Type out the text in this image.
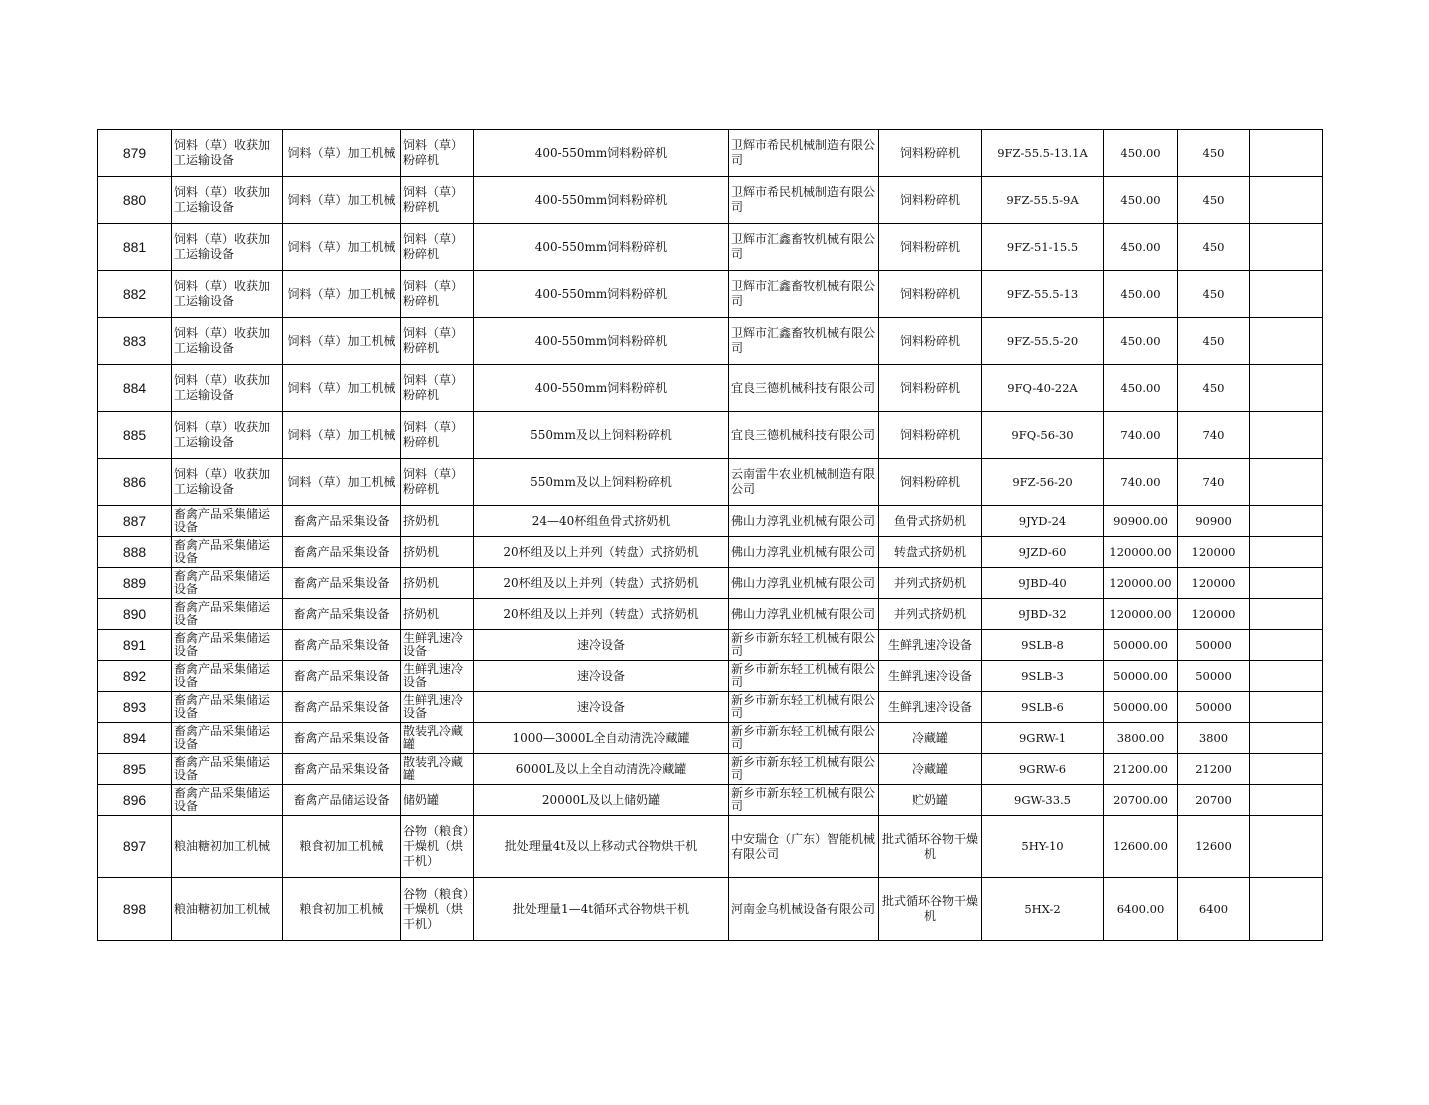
879	饲料（草）收获加工运输设备	饲料（草）加工机械	饲料（草）粉碎机	400-550mm饲料粉碎机	卫辉市希民机械制造有限公司	饲料粉碎机	9FZ-55.5-13.1A	450.00	450	
880	饲料（草）收获加工运输设备	饲料（草）加工机械	饲料（草）粉碎机	400-550mm饲料粉碎机	卫辉市希民机械制造有限公司	饲料粉碎机	9FZ-55.5-9A	450.00	450	
881	饲料（草）收获加工运输设备	饲料（草）加工机械	饲料（草）粉碎机	400-550mm饲料粉碎机	卫辉市汇鑫畜牧机械有限公司	饲料粉碎机	9FZ-51-15.5	450.00	450	
882	饲料（草）收获加工运输设备	饲料（草）加工机械	饲料（草）粉碎机	400-550mm饲料粉碎机	卫辉市汇鑫畜牧机械有限公司	饲料粉碎机	9FZ-55.5-13	450.00	450	
883	饲料（草）收获加工运输设备	饲料（草）加工机械	饲料（草）粉碎机	400-550mm饲料粉碎机	卫辉市汇鑫畜牧机械有限公司	饲料粉碎机	9FZ-55.5-20	450.00	450	
884	饲料（草）收获加工运输设备	饲料（草）加工机械	饲料（草）粉碎机	400-550mm饲料粉碎机	宜良三德机械科技有限公司	饲料粉碎机	9FQ-40-22A	450.00	450	
885	饲料（草）收获加工运输设备	饲料（草）加工机械	饲料（草）粉碎机	550mm及以上饲料粉碎机	宜良三德机械科技有限公司	饲料粉碎机	9FQ-56-30	740.00	740	
886	饲料（草）收获加工运输设备	饲料（草）加工机械	饲料（草）粉碎机	550mm及以上饲料粉碎机	云南雷牛农业机械制造有限公司	饲料粉碎机	9FZ-56-20	740.00	740	
887	畜禽产品采集储运设备	畜禽产品采集设备	挤奶机	24—40杯组鱼骨式挤奶机	佛山力淳乳业机械有限公司	鱼骨式挤奶机	9JYD-24	90900.00	90900	
888	畜禽产品采集储运设备	畜禽产品采集设备	挤奶机	20杯组及以上并列（转盘）式挤奶机	佛山力淳乳业机械有限公司	转盘式挤奶机	9JZD-60	120000.00	120000	
889	畜禽产品采集储运设备	畜禽产品采集设备	挤奶机	20杯组及以上并列（转盘）式挤奶机	佛山力淳乳业机械有限公司	并列式挤奶机	9JBD-40	120000.00	120000	
890	畜禽产品采集储运设备	畜禽产品采集设备	挤奶机	20杯组及以上并列（转盘）式挤奶机	佛山力淳乳业机械有限公司	并列式挤奶机	9JBD-32	120000.00	120000	
891	畜禽产品采集储运设备	畜禽产品采集设备	生鲜乳速冷设备	速冷设备	新乡市新东轻工机械有限公司	生鲜乳速冷设备	9SLB-8	50000.00	50000	
892	畜禽产品采集储运设备	畜禽产品采集设备	生鲜乳速冷设备	速冷设备	新乡市新东轻工机械有限公司	生鲜乳速冷设备	9SLB-3	50000.00	50000	
893	畜禽产品采集储运设备	畜禽产品采集设备	生鲜乳速冷设备	速冷设备	新乡市新东轻工机械有限公司	生鲜乳速冷设备	9SLB-6	50000.00	50000	
894	畜禽产品采集储运设备	畜禽产品采集设备	散装乳冷藏罐	1000—3000L全自动清洗冷藏罐	新乡市新东轻工机械有限公司	冷藏罐	9GRW-1	3800.00	3800	
895	畜禽产品采集储运设备	畜禽产品采集设备	散装乳冷藏罐	6000L及以上全自动清洗冷藏罐	新乡市新东轻工机械有限公司	冷藏罐	9GRW-6	21200.00	21200	
896	畜禽产品采集储运设备	畜禽产品储运设备	储奶罐	20000L及以上储奶罐	新乡市新东轻工机械有限公司	贮奶罐	9GW-33.5	20700.00	20700	
897	粮油糖初加工机械	粮食初加工机械	谷物（粮食）干燥机（烘干机）	批处理量4t及以上移动式谷物烘干机	中安瑞仓（广东）智能机械有限公司	批式循环谷物干燥机	5HY-10	12600.00	12600	
898	粮油糖初加工机械	粮食初加工机械	谷物（粮食）干燥机（烘干机）	批处理量1—4t循环式谷物烘干机	河南金乌机械设备有限公司	批式循环谷物干燥机	5HX-2	6400.00	6400	
